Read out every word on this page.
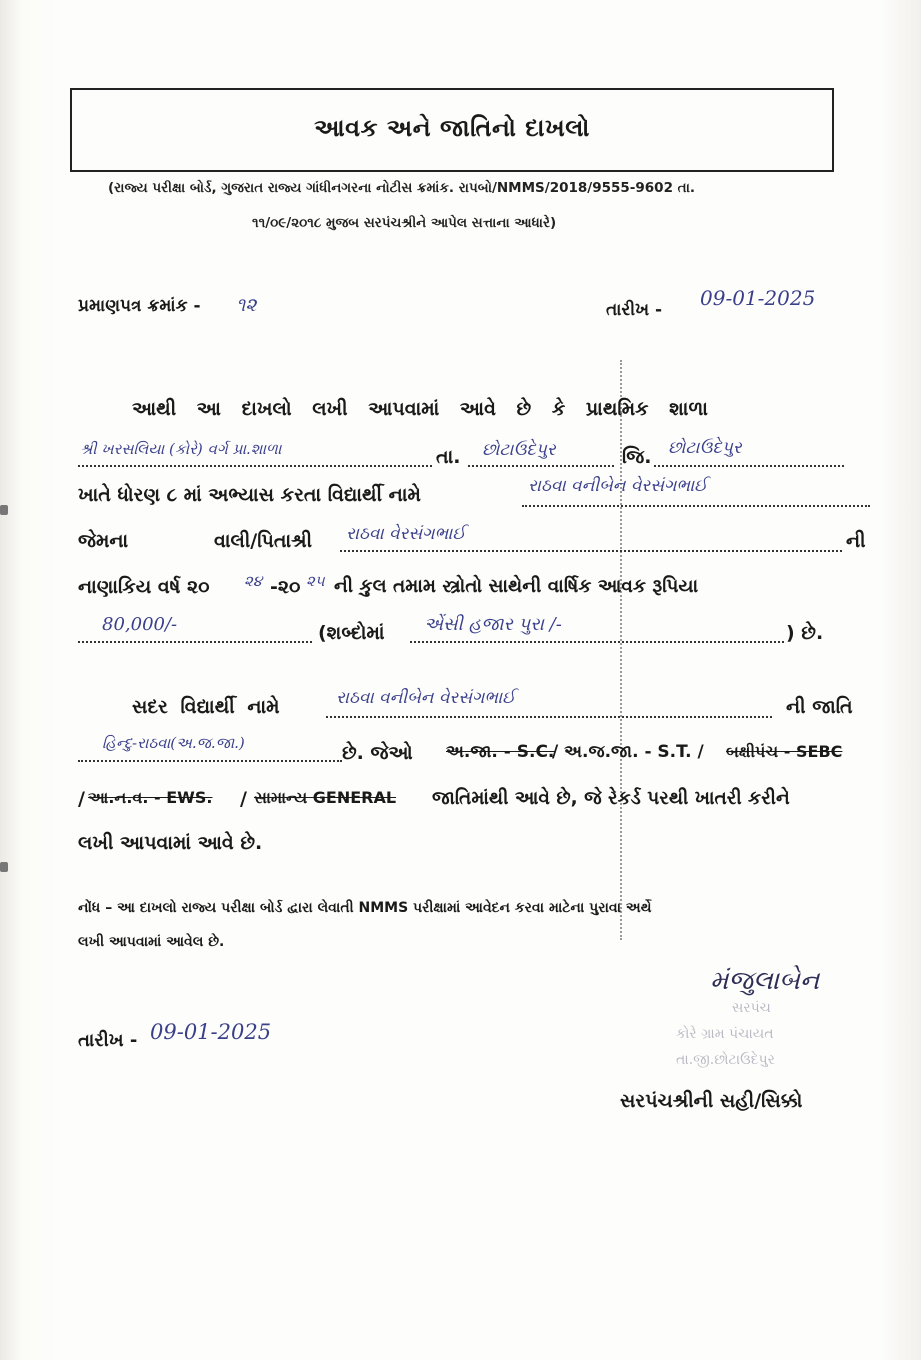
આવક અને જાતિનો દાખલો
(રાજ્ય પરીક્ષા બોર્ડ, ગુજરાત રાજ્ય ગાંધીનગરના નોટીસ ક્રમાંક. રાપબો/NMMS/2018/9555-9602 તા.
૧૧/૦૯/૨૦૧૮ મુજબ સરપંચશ્રીને આપેલ સત્તાના આધારે)
પ્રમાણપત્ર ક્રમાંક - ૧૨	તારીખ - 09-01-2025
આથી આ દાખલો લખી આપવામાં આવે છે કે પ્રાથમિક શાળા
શ્રી ખરસલિયા (કોરે) વર્ગ પ્રા.શાળા	તા. છોટાઉદેપુર	જિ. છોટાઉદેપુર
ખાતે ધોરણ ૮ માં અભ્યાસ કરતા વિદ્યાર્થી નામે	રાઠવા વનીબેન વેરસંગભાઈ
જેમના	વાલી/પિતાશ્રી રાઠવા વેરસંગભાઈ	ની
નાણાકિય વર્ષ ૨૦ ૨૪ -૨૦ ૨૫ ની કુલ તમામ સ્ત્રોતો સાથેની વાર્ષિક આવક રૂપિયા
80,000/-	(શબ્દોમાં એંસી હજાર પુરા /-	) છે.
સદર વિદ્યાર્થી નામે	રાઠવા વનીબેન વેરસંગભાઈ	ની જાતિ
હિન્દુ-રાઠવા(અ.જ.જા.)	છે. જેઓ અ.જા. - S.C.
/ અ.જ.જા. - S.T. / બક્ષીપંચ - SEBC
/ આ.ન.વ. - EWS. / સામાન્ય GENERAL જાતિમાંથી આવે છે, જે રેકર્ડ પરથી ખાતરી કરીને
લખી આપવામાં આવે છે.
નોંધ – આ દાખલો રાજ્ય પરીક્ષા બોર્ડ દ્વારા લેવાતી NMMS પરીક્ષામાં આવેદન કરવા માટેના પુરાવા અર્થે
લખી આપવામાં આવેલ છે.
મંજુલાબેન
સરપંચ
કોરે ગ્રામ પંચાયત
તા.જી.છોટાઉદેપુર
તારીખ - 09-01-2025
સરપંચશ્રીની સહી/સિક્કો
